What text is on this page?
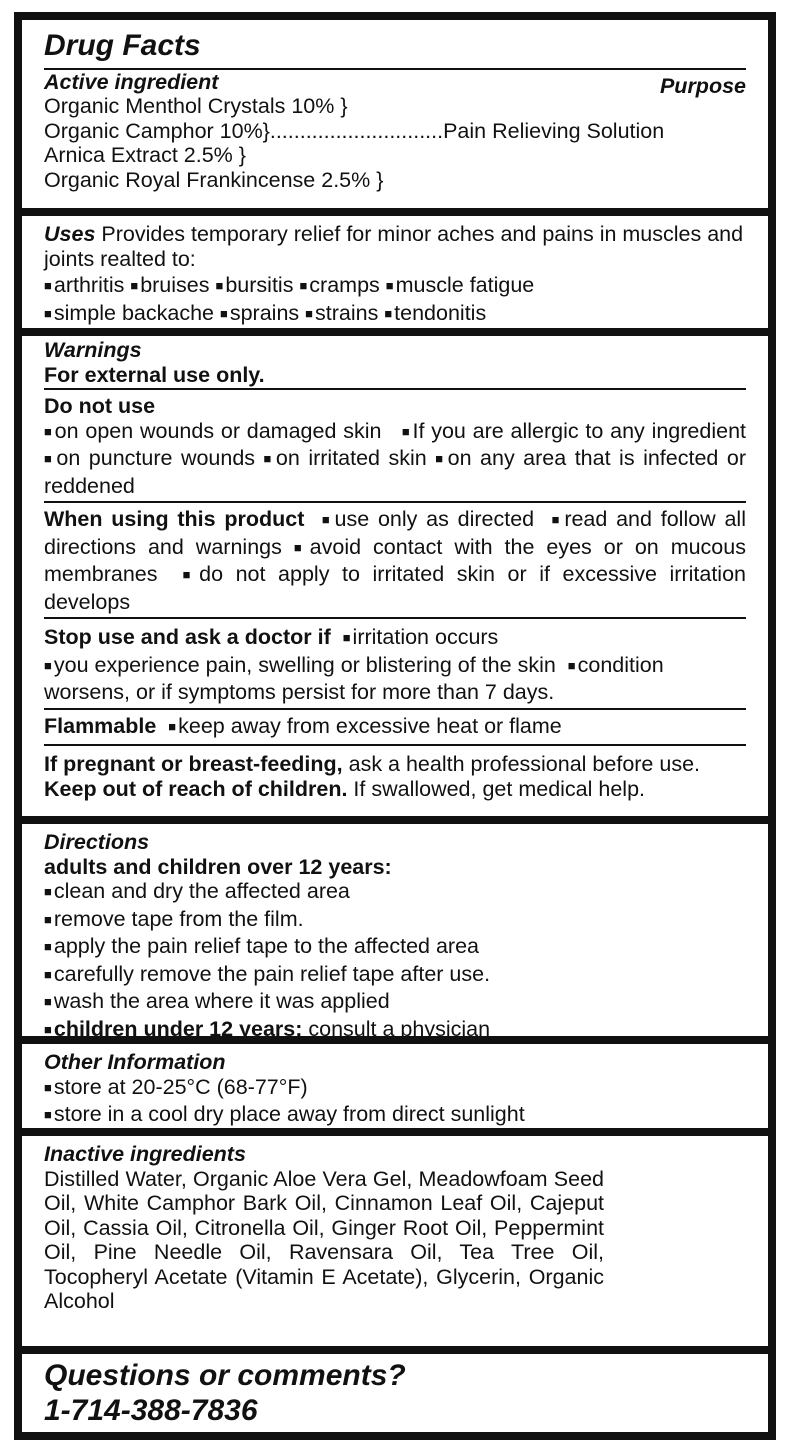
Drug Facts
Active ingredient	Purpose
Organic Menthol Crystals 10% }
Organic Camphor 10%}.............................Pain Relieving Solution
Arnica Extract 2.5% }
Organic Royal Frankincense 2.5% }
Uses Provides temporary relief for minor aches and pains in muscles and joints realted to:
■ arthritis ■ bruises ■ bursitis ■ cramps ■ muscle fatigue
■ simple backache ■ sprains ■ strains ■ tendonitis
Warnings
For external use only.
Do not use
■ on open wounds or damaged skin ■ If you are allergic to any ingredient ■ on puncture wounds ■ on irritated skin ■ on any area that is infected or reddened
When using this product ■ use only as directed ■ read and follow all directions and warnings ■ avoid contact with the eyes or on mucous membranes ■ do not apply to irritated skin or if excessive irritation develops
Stop use and ask a doctor if ■ irritation occurs
■ you experience pain, swelling or blistering of the skin ■ condition worsens, or if symptoms persist for more than 7 days.
Flammable ■ keep away from excessive heat or flame
If pregnant or breast-feeding, ask a health professional before use.
Keep out of reach of children. If swallowed, get medical help.
Directions
adults and children over 12 years:
■ clean and dry the affected area
■ remove tape from the film.
■ apply the pain relief tape to the affected area
■ carefully remove the pain relief tape after use.
■ wash the area where it was applied
■ children under 12 years: consult a physician
Other Information
■ store at 20-25°C (68-77°F)
■ store in a cool dry place away from direct sunlight
Inactive ingredients
Distilled Water, Organic Aloe Vera Gel, Meadowfoam Seed Oil, White Camphor Bark Oil, Cinnamon Leaf Oil, Cajeput Oil, Cassia Oil, Citronella Oil, Ginger Root Oil, Peppermint Oil, Pine Needle Oil, Ravensara Oil, Tea Tree Oil, Tocopheryl Acetate (Vitamin E Acetate), Glycerin, Organic Alcohol
Questions or comments?
1-714-388-7836
